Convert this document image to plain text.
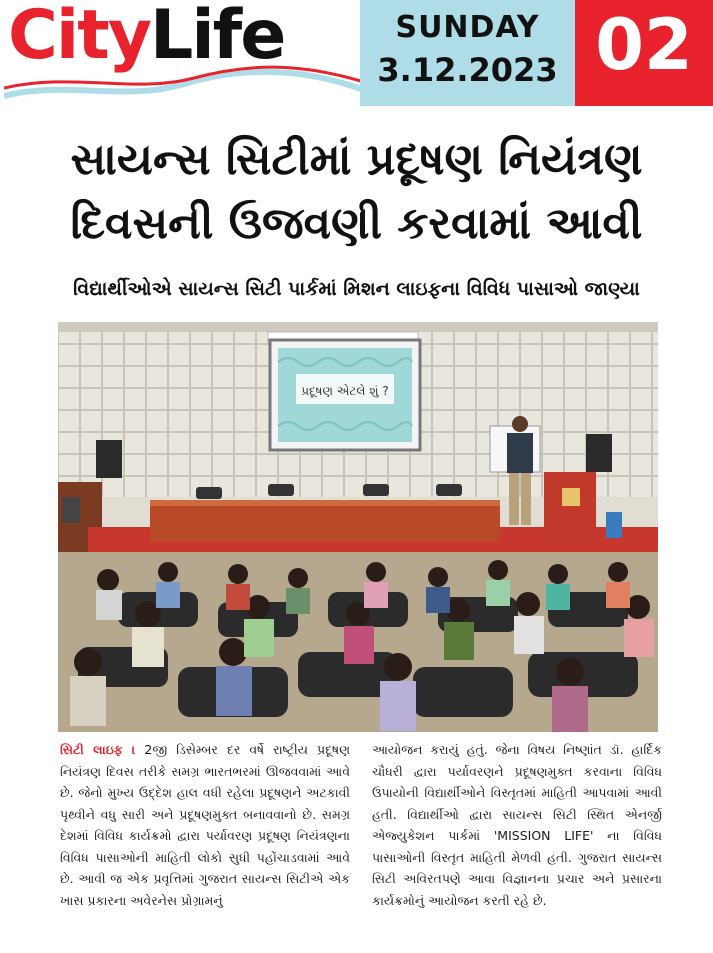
CityLife	SUNDAY
3.12.2023 02
સાયન્સ સિટીમાં પ્રદૂષણ નિયંત્રણ
દિવસની ઉજવણી કરવામાં આવી
વિદ્યાર્થીઓએ સાયન્સ સિટી પાર્કમાં મિશન લાઇફના વિવિધ પાસાઓ જાણ્યા
પ્રદૂષણ એટલે શું ?

સિટી લાઇફ । 2જી ડિસેમ્બર દર વર્ષે રાષ્ટ્રીય પ્રદૂષણ નિયંત્રણ દિવસ તરીકે સમગ્ર ભારતભરમાં ઊજવવામાં આવે છે. જેનો મુખ્ય ઉદ્દેશ હાલ વધી રહેલા પ્રદૂષણને અટકાવી પૃથ્વીને વધુ સારી અને પ્રદૂષણમુક્ત બનાવવાનો છે. સમગ્ર દેશમાં વિવિધ કાર્યક્રમો દ્વારા પર્યાવરણ પ્રદૂષણ નિયંત્રણના વિવિધ પાસાઓની માહિતી લોકો સુધી પહોંચાડવામાં આવે છે. આવી જ એક પ્રવૃત્તિમાં ગુજરાત સાયન્સ સિટીએ એક ખાસ પ્રકારના અવેરનેસ પ્રોગ્રામનું

આયોજન કરાયું હતું. જેના વિષય નિષ્ણાંત ડૉ. હાર્દિક ચૌધરી દ્વારા પર્યાવરણને પ્રદૂષણમુક્ત કરવાના વિવિધ ઉપાયોની વિદ્યાર્થીઓને વિસ્તૃતમાં માહિતી આપવામાં આવી હતી. વિદ્યાર્થીઓ દ્વારા સાયન્સ સિટી સ્થિત એનર્જી એજ્યુકેશન પાર્કમાં 'MISSION LIFE' ના વિવિધ પાસાઓની વિસ્તૃત માહિતી મેળવી હતી. ગુજરાત સાયન્સ સિટી અવિરતપણે આવા વિજ્ઞાનના પ્રચાર અને પ્રસારના કાર્યક્રમોનું આયોજન કરતી રહે છે.
